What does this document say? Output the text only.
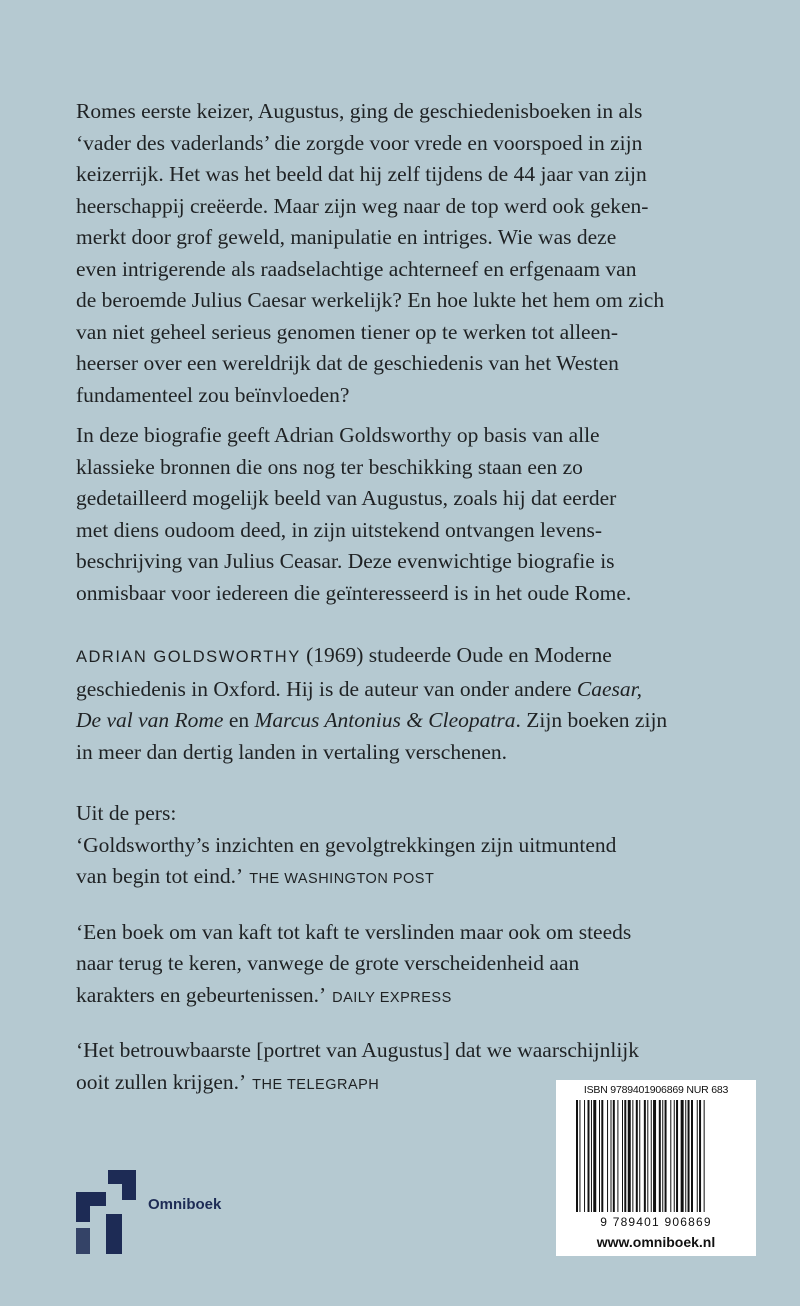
Romes eerste keizer, Augustus, ging de geschiedenisboeken in als
‘vader des vaderlands’ die zorgde voor vrede en voorspoed in zijn
keizerrijk. Het was het beeld dat hij zelf tijdens de 44 jaar van zijn
heerschappij creëerde. Maar zijn weg naar de top werd ook geken-
merkt door grof geweld, manipulatie en intriges. Wie was deze
even intrigerende als raadselachtige achterneef en erfgenaam van
de beroemde Julius Caesar werkelijk? En hoe lukte het hem om zich
van niet geheel serieus genomen tiener op te werken tot alleen-
heerser over een wereldrijk dat de geschiedenis van het Westen
fundamenteel zou beïnvloeden?
In deze biografie geeft Adrian Goldsworthy op basis van alle
klassieke bronnen die ons nog ter beschikking staan een zo
gedetailleerd mogelijk beeld van Augustus, zoals hij dat eerder
met diens oudoom deed, in zijn uitstekend ontvangen levens-
beschrijving van Julius Ceasar. Deze evenwichtige biografie is
onmisbaar voor iedereen die geïnteresseerd is in het oude Rome.
ADRIAN GOLDSWORTHY (1969) studeerde Oude en Moderne
geschiedenis in Oxford. Hij is de auteur van onder andere Caesar,
De val van Rome en Marcus Antonius & Cleopatra. Zijn boeken zijn
in meer dan dertig landen in vertaling verschenen.
Uit de pers:
‘Goldsworthy’s inzichten en gevolgtrekkingen zijn uitmuntend
van begin tot eind.’ THE WASHINGTON POST
‘Een boek om van kaft tot kaft te verslinden maar ook om steeds
naar terug te keren, vanwege de grote verscheidenheid aan
karakters en gebeurtenissen.’ DAILY EXPRESS
‘Het betrouwbaarste [portret van Augustus] dat we waarschijnlijk
ooit zullen krijgen.’ THE TELEGRAPH
Omniboek
ISBN 9789401906869 NUR 683
9 789401 906869
www.omniboek.nl
